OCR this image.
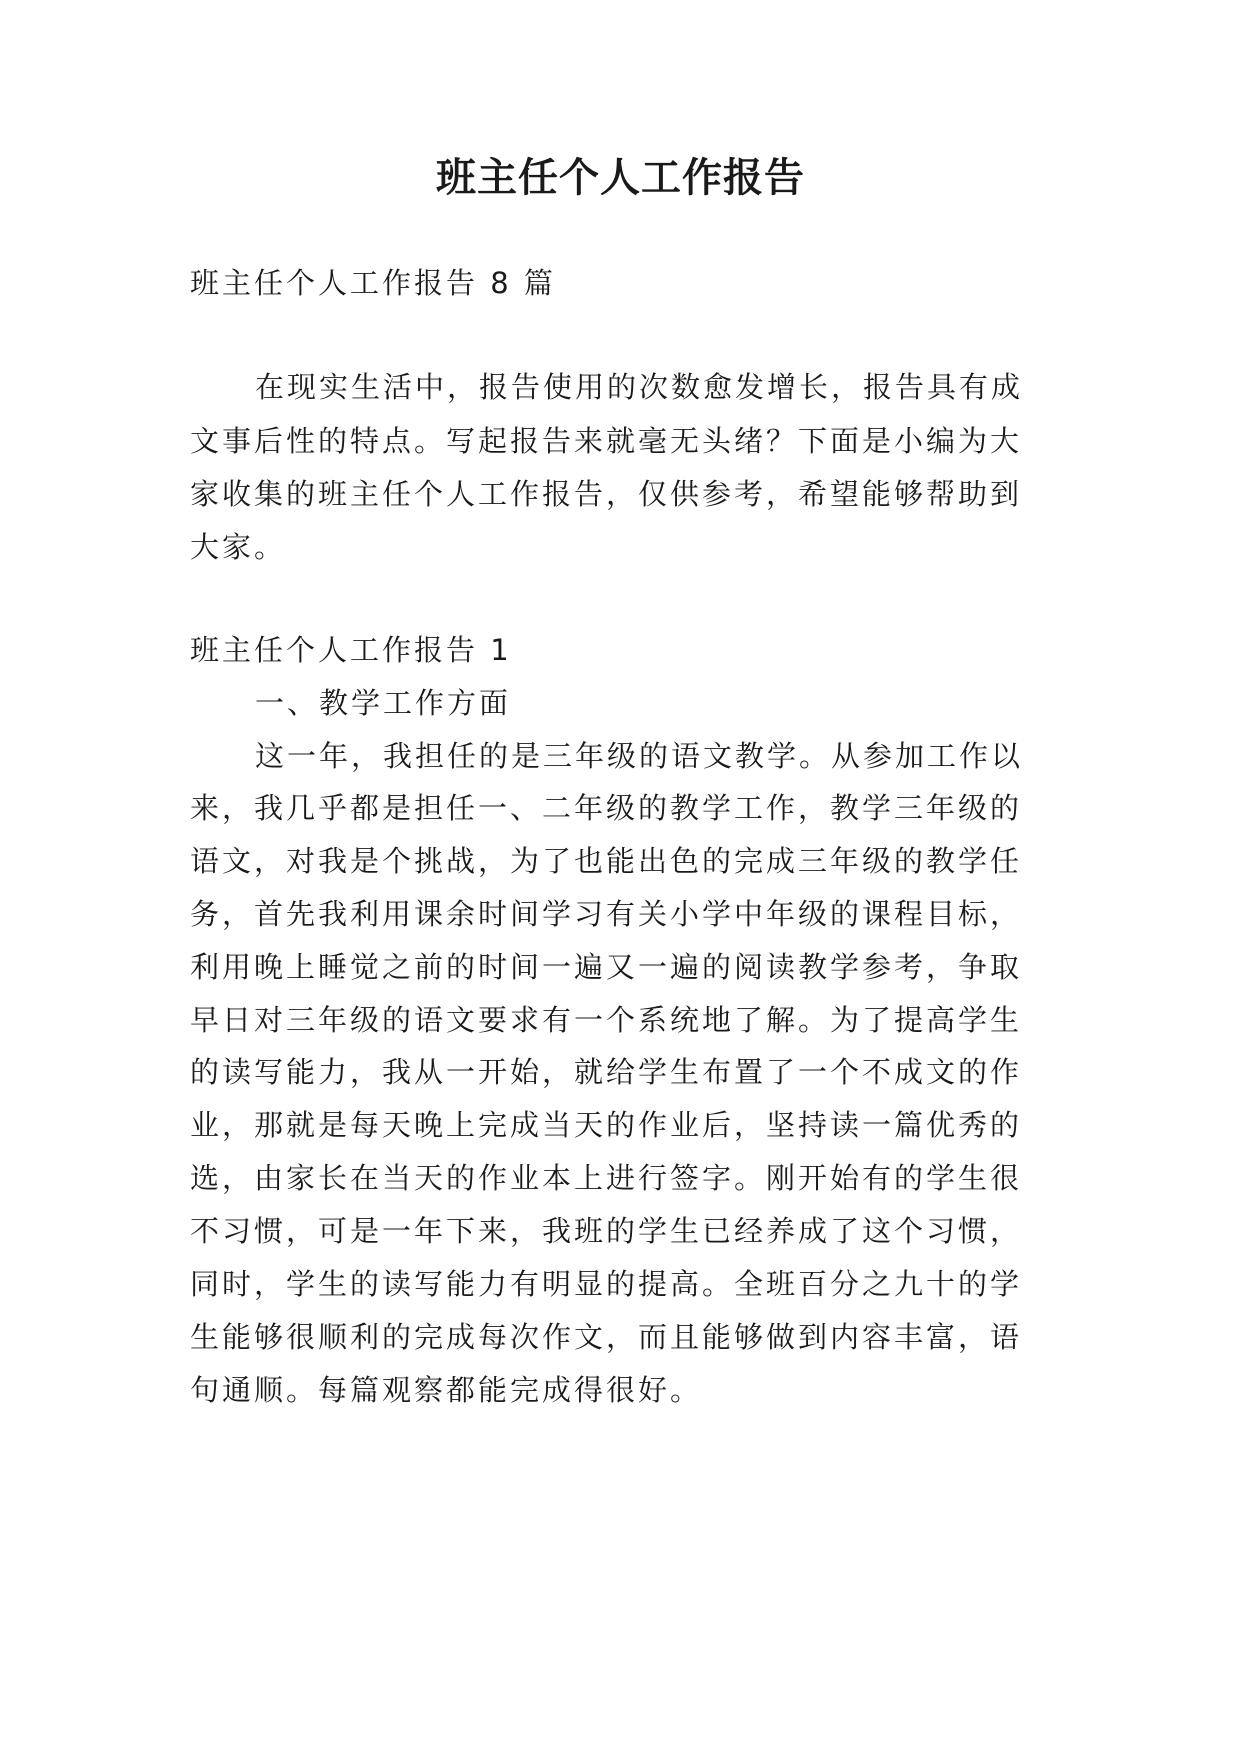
班主任个人工作报告
班主任个人工作报告 8 篇
在现实生活中，报告使用的次数愈发增长，报告具有成
文事后性的特点。写起报告来就毫无头绪？下面是小编为大
家收集的班主任个人工作报告，仅供参考，希望能够帮助到
大家。
班主任个人工作报告 1
一、教学工作方面
这一年，我担任的是三年级的语文教学。从参加工作以
来，我几乎都是担任一、二年级的教学工作，教学三年级的
语文，对我是个挑战，为了也能出色的完成三年级的教学任
务，首先我利用课余时间学习有关小学中年级的课程目标，
利用晚上睡觉之前的时间一遍又一遍的阅读教学参考，争取
早日对三年级的语文要求有一个系统地了解。为了提高学生
的读写能力，我从一开始，就给学生布置了一个不成文的作
业，那就是每天晚上完成当天的作业后，坚持读一篇优秀的
选，由家长在当天的作业本上进行签字。刚开始有的学生很
不习惯，可是一年下来，我班的学生已经养成了这个习惯，
同时，学生的读写能力有明显的提高。全班百分之九十的学
生能够很顺利的完成每次作文，而且能够做到内容丰富，语
句通顺。每篇观察都能完成得很好。
